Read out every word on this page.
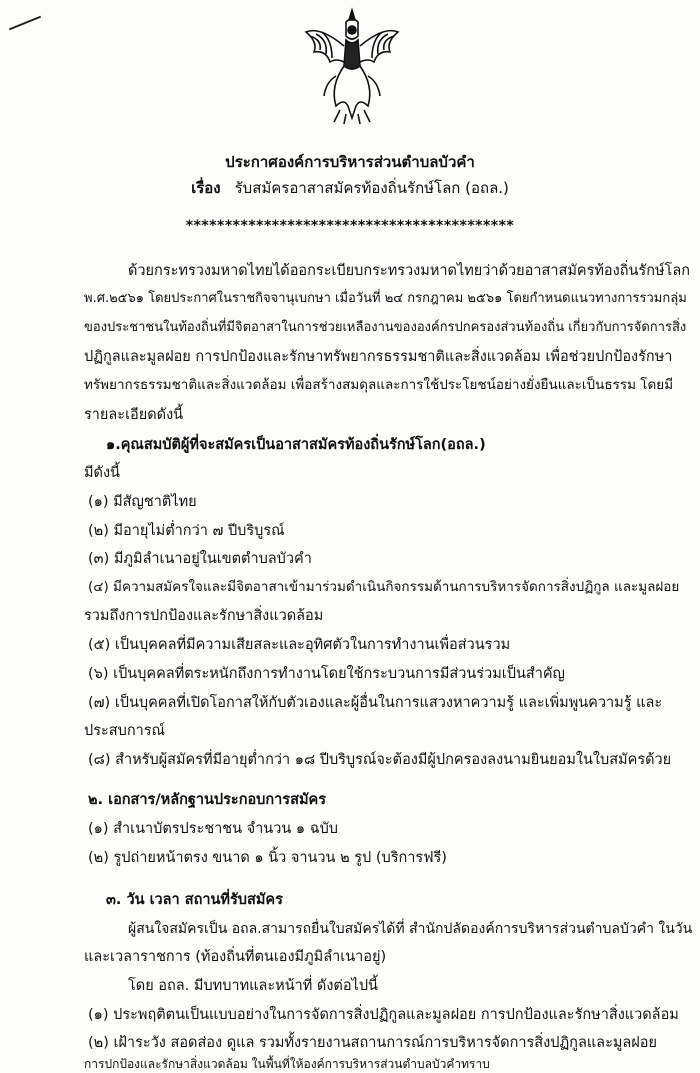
ประกาศองค์การบริหารส่วนตำบลบัวคำ
เรื่อง รับสมัครอาสาสมัครท้องถิ่นรักษ์โลก (อถล.)
******************************************
ด้วยกระทรวงมหาดไทยได้ออกระเบียบกระทรวงมหาดไทยว่าด้วยอาสาสมัครท้องถิ่นรักษ์โลก
พ.ศ.๒๕๖๑ โดยประกาศในราชกิจจานุเบกษา เมื่อวันที่ ๒๔ กรกฎาคม ๒๕๖๑ โดยกำหนดแนวทางการรวมกลุ่ม
ของประชาชนในท้องถิ่นที่มีจิตอาสาในการช่วยเหลืองานขององค์กรปกครองส่วนท้องถิ่น เกี่ยวกับการจัดการสิ่ง
ปฏิกูลและมูลฝอย การปกป้องและรักษาทรัพยากรธรรมชาติและสิ่งแวดล้อม เพื่อช่วยปกป้องรักษา
ทรัพยากรธรรมชาติและสิ่งแวดล้อม เพื่อสร้างสมดุลและการใช้ประโยชน์อย่างยั่งยืนและเป็นธรรม โดยมี
รายละเอียดดังนี้
๑.คุณสมบัติผู้ที่จะสมัครเป็นอาสาสมัครท้องถิ่นรักษ์โลก(อถล.)
มีดังนี้
(๑) มีสัญชาติไทย
(๒) มีอายุไม่ต่ำกว่า ๗ ปีบริบูรณ์
(๓) มีภูมิลำเนาอยู่ในเขตตำบลบัวคำ
(๔) มีความสมัครใจและมีจิตอาสาเข้ามาร่วมดำเนินกิจกรรมด้านการบริหารจัดการสิ่งปฏิกูล และมูลฝอย
รวมถึงการปกป้องและรักษาสิ่งแวดล้อม
(๕) เป็นบุคคลที่มีความเสียสละและอุทิศตัวในการทำงานเพื่อส่วนรวม
(๖) เป็นบุคคลที่ตระหนักถึงการทำงานโดยใช้กระบวนการมีส่วนร่วมเป็นสำคัญ
(๗) เป็นบุคคลที่เปิดโอกาสให้กับตัวเองและผู้อื่นในการแสวงหาความรู้ และเพิ่มพูนความรู้ และ
ประสบการณ์
(๘) สำหรับผู้สมัครที่มีอายุต่ำกว่า ๑๘ ปีบริบูรณ์จะต้องมีผู้ปกครองลงนามยินยอมในใบสมัครด้วย
๒. เอกสาร/หลักฐานประกอบการสมัคร
(๑) สำเนาบัตรประชาชน จำนวน ๑ ฉบับ
(๒) รูปถ่ายหน้าตรง ขนาด ๑ นิ้ว จานวน ๒ รูป (บริการฟรี)
๓. วัน เวลา สถานที่รับสมัคร
ผู้สนใจสมัครเป็น อถล.สามารถยื่นใบสมัครได้ที่ สำนักปลัดองค์การบริหารส่วนตำบลบัวคำ ในวัน
และเวลาราชการ (ท้องถิ่นที่ตนเองมีภูมิลำเนาอยู่)
โดย อถล. มีบทบาทและหน้าที่ ดังต่อไปนี้
(๑) ประพฤติตนเป็นแบบอย่างในการจัดการสิ่งปฏิกูลและมูลฝอย การปกป้องและรักษาสิ่งแวดล้อม
(๒) เฝ้าระวัง สอดส่อง ดูแล รวมทั้งรายงานสถานการณ์การบริหารจัดการสิ่งปฏิกูลและมูลฝอย
การปกป้องและรักษาสิ่งแวดล้อม ในพื้นที่ให้องค์การบริหารส่วนตำบลบัวคำทราบ
